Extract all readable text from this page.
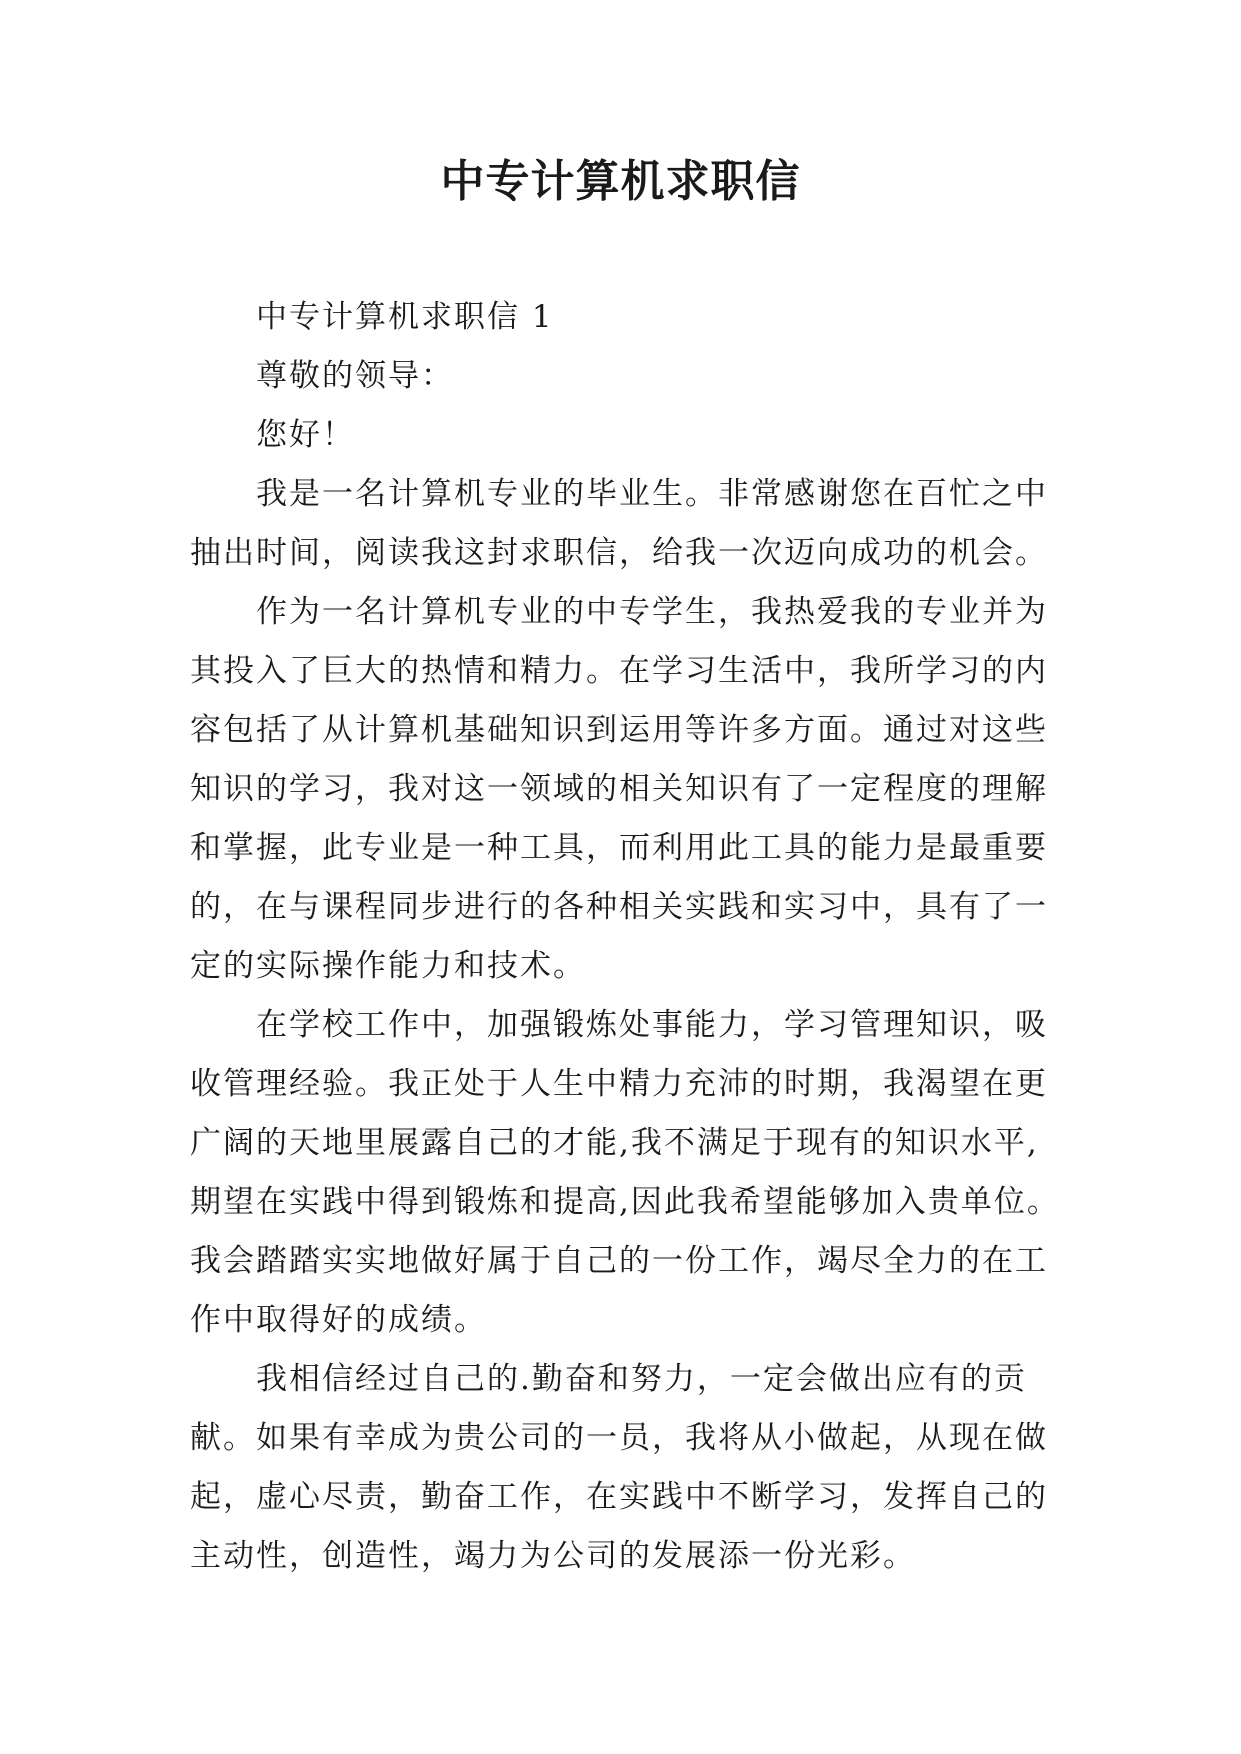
中专计算机求职信
中专计算机求职信 1
尊敬的领导：
您好！
我是一名计算机专业的毕业生。非常感谢您在百忙之中
抽出时间，阅读我这封求职信，给我一次迈向成功的机会。
作为一名计算机专业的中专学生，我热爱我的专业并为
其投入了巨大的热情和精力。在学习生活中，我所学习的内
容包括了从计算机基础知识到运用等许多方面。通过对这些
知识的学习，我对这一领域的相关知识有了一定程度的理解
和掌握，此专业是一种工具，而利用此工具的能力是最重要
的，在与课程同步进行的各种相关实践和实习中，具有了一
定的实际操作能力和技术。
在学校工作中，加强锻炼处事能力，学习管理知识，吸
收管理经验。我正处于人生中精力充沛的时期，我渴望在更
广阔的天地里展露自己的才能,我不满足于现有的知识水平,
期望在实践中得到锻炼和提高,因此我希望能够加入贵单位。
我会踏踏实实地做好属于自己的一份工作，竭尽全力的在工
作中取得好的成绩。
我相信经过自己的.勤奋和努力，一定会做出应有的贡
献。如果有幸成为贵公司的一员，我将从小做起，从现在做
起，虚心尽责，勤奋工作，在实践中不断学习，发挥自己的
主动性，创造性，竭力为公司的发展添一份光彩。
